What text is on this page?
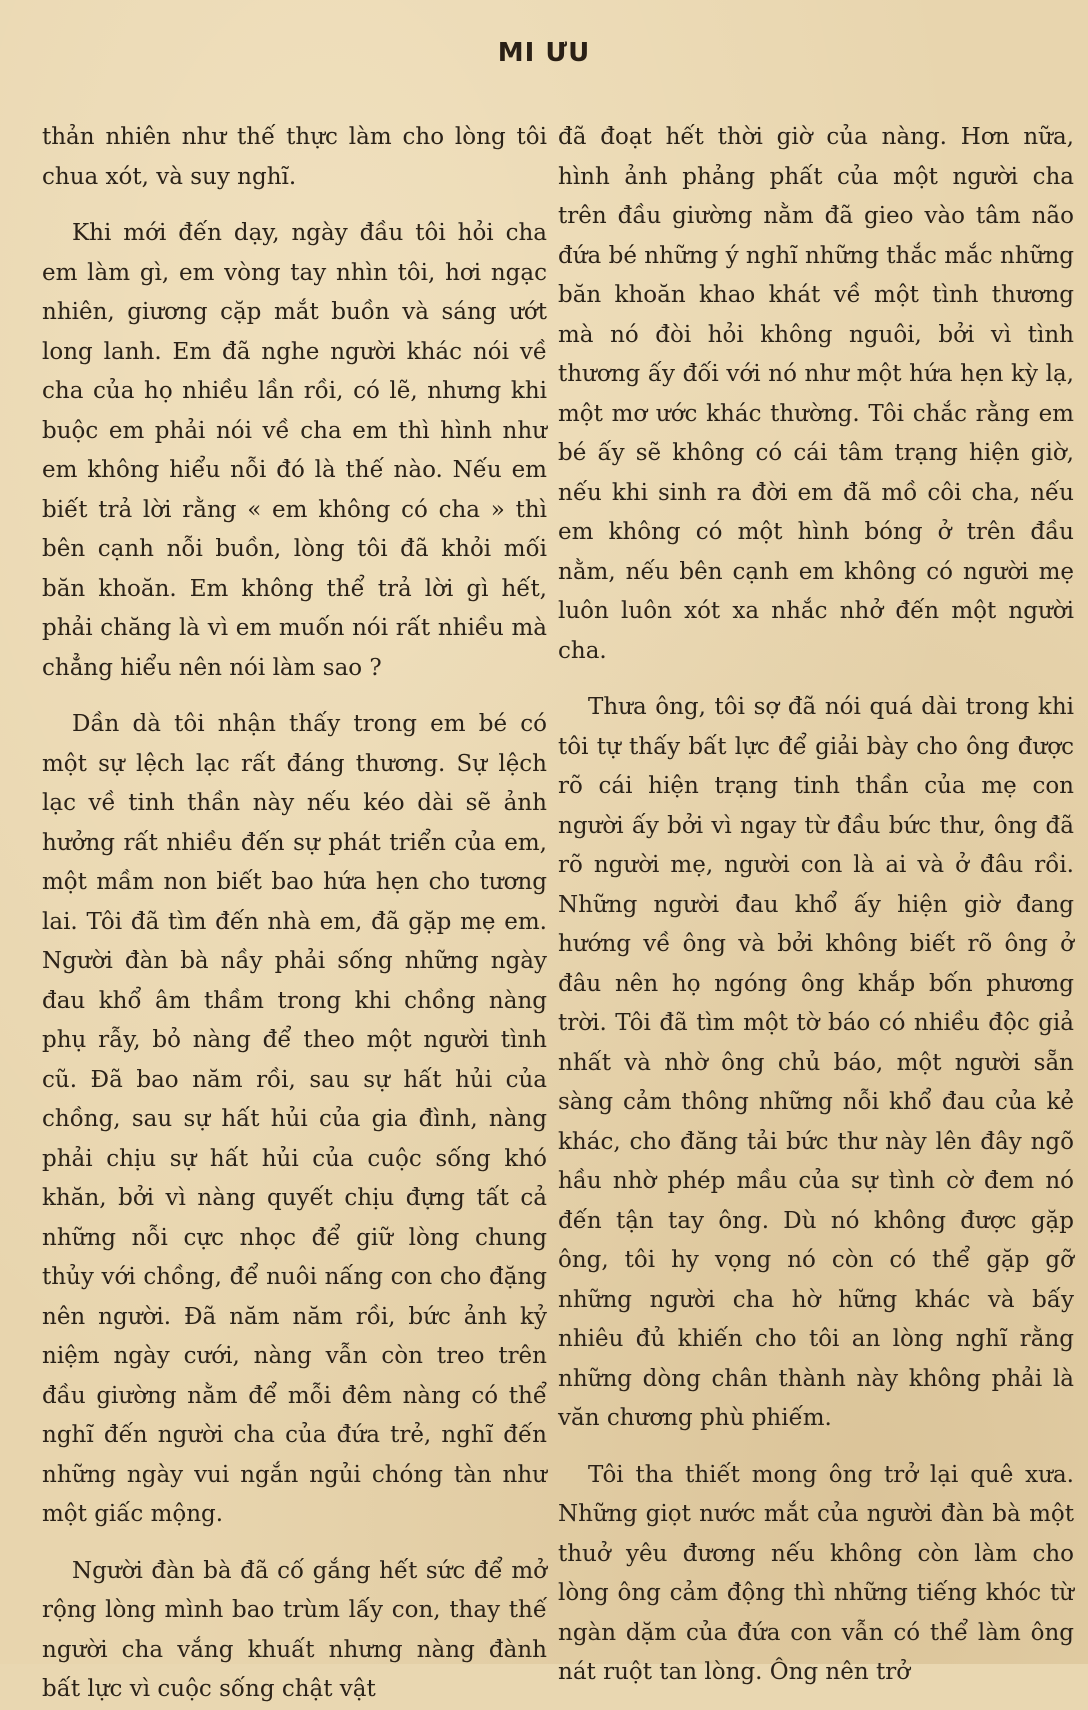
MI ƯU

thản nhiên như thế thực làm cho lòng tôi chua xót, và suy nghĩ.

Khi mới đến dạy, ngày đầu tôi hỏi cha em làm gì, em vòng tay nhìn tôi, hơi ngạc nhiên, giương cặp mắt buồn và sáng ướt long lanh. Em đã nghe người khác nói về cha của họ nhiều lần rồi, có lẽ, nhưng khi buộc em phải nói về cha em thì hình như em không hiểu nỗi đó là thế nào. Nếu em biết trả lời rằng « em không có cha » thì bên cạnh nỗi buồn, lòng tôi đã khỏi mối băn khoăn. Em không thể trả lời gì hết, phải chăng là vì em muốn nói rất nhiều mà chẳng hiểu nên nói làm sao ?

Dần dà tôi nhận thấy trong em bé có một sự lệch lạc rất đáng thương. Sự lệch lạc về tinh thần này nếu kéo dài sẽ ảnh hưởng rất nhiều đến sự phát triển của em, một mầm non biết bao hứa hẹn cho tương lai. Tôi đã tìm đến nhà em, đã gặp mẹ em. Người đàn bà nầy phải sống những ngày đau khổ âm thầm trong khi chồng nàng phụ rẫy, bỏ nàng để theo một người tình cũ. Đã bao năm rồi, sau sự hất hủi của chồng, sau sự hất hủi của gia đình, nàng phải chịu sự hất hủi của cuộc sống khó khăn, bởi vì nàng quyết chịu đựng tất cả những nỗi cực nhọc để giữ lòng chung thủy với chồng, để nuôi nấng con cho đặng nên người. Đã năm năm rồi, bức ảnh kỷ niệm ngày cưới, nàng vẫn còn treo trên đầu giường nằm để mỗi đêm nàng có thể nghĩ đến người cha của đứa trẻ, nghĩ đến những ngày vui ngắn ngủi chóng tàn như một giấc mộng.

Người đàn bà đã cố gắng hết sức để mở rộng lòng mình bao trùm lấy con, thay thế người cha vắng khuất nhưng nàng đành bất lực vì cuộc sống chật vật

đã đoạt hết thời giờ của nàng. Hơn nữa, hình ảnh phảng phất của một người cha trên đầu giường nằm đã gieo vào tâm não đứa bé những ý nghĩ những thắc mắc những băn khoăn khao khát về một tình thương mà nó đòi hỏi không nguôi, bởi vì tình thương ấy đối với nó như một hứa hẹn kỳ lạ, một mơ ước khác thường. Tôi chắc rằng em bé ấy sẽ không có cái tâm trạng hiện giờ, nếu khi sinh ra đời em đã mồ côi cha, nếu em không có một hình bóng ở trên đầu nằm, nếu bên cạnh em không có người mẹ luôn luôn xót xa nhắc nhở đến một người cha.

Thưa ông, tôi sợ đã nói quá dài trong khi tôi tự thấy bất lực để giải bày cho ông được rõ cái hiện trạng tinh thần của mẹ con người ấy bởi vì ngay từ đầu bức thư, ông đã rõ người mẹ, người con là ai và ở đâu rồi. Những người đau khổ ấy hiện giờ đang hướng về ông và bởi không biết rõ ông ở đâu nên họ ngóng ông khắp bốn phương trời. Tôi đã tìm một tờ báo có nhiều độc giả nhất và nhờ ông chủ báo, một người sẵn sàng cảm thông những nỗi khổ đau của kẻ khác, cho đăng tải bức thư này lên đây ngõ hầu nhờ phép mầu của sự tình cờ đem nó đến tận tay ông. Dù nó không được gặp ông, tôi hy vọng nó còn có thể gặp gỡ những người cha hờ hững khác và bấy nhiêu đủ khiến cho tôi an lòng nghĩ rằng những dòng chân thành này không phải là văn chương phù phiếm.

Tôi tha thiết mong ông trở lại quê xưa. Những giọt nước mắt của người đàn bà một thuở yêu đương nếu không còn làm cho lòng ông cảm động thì những tiếng khóc từ ngàn dặm của đứa con vẫn có thể làm ông nát ruột tan lòng. Ông nên trở
